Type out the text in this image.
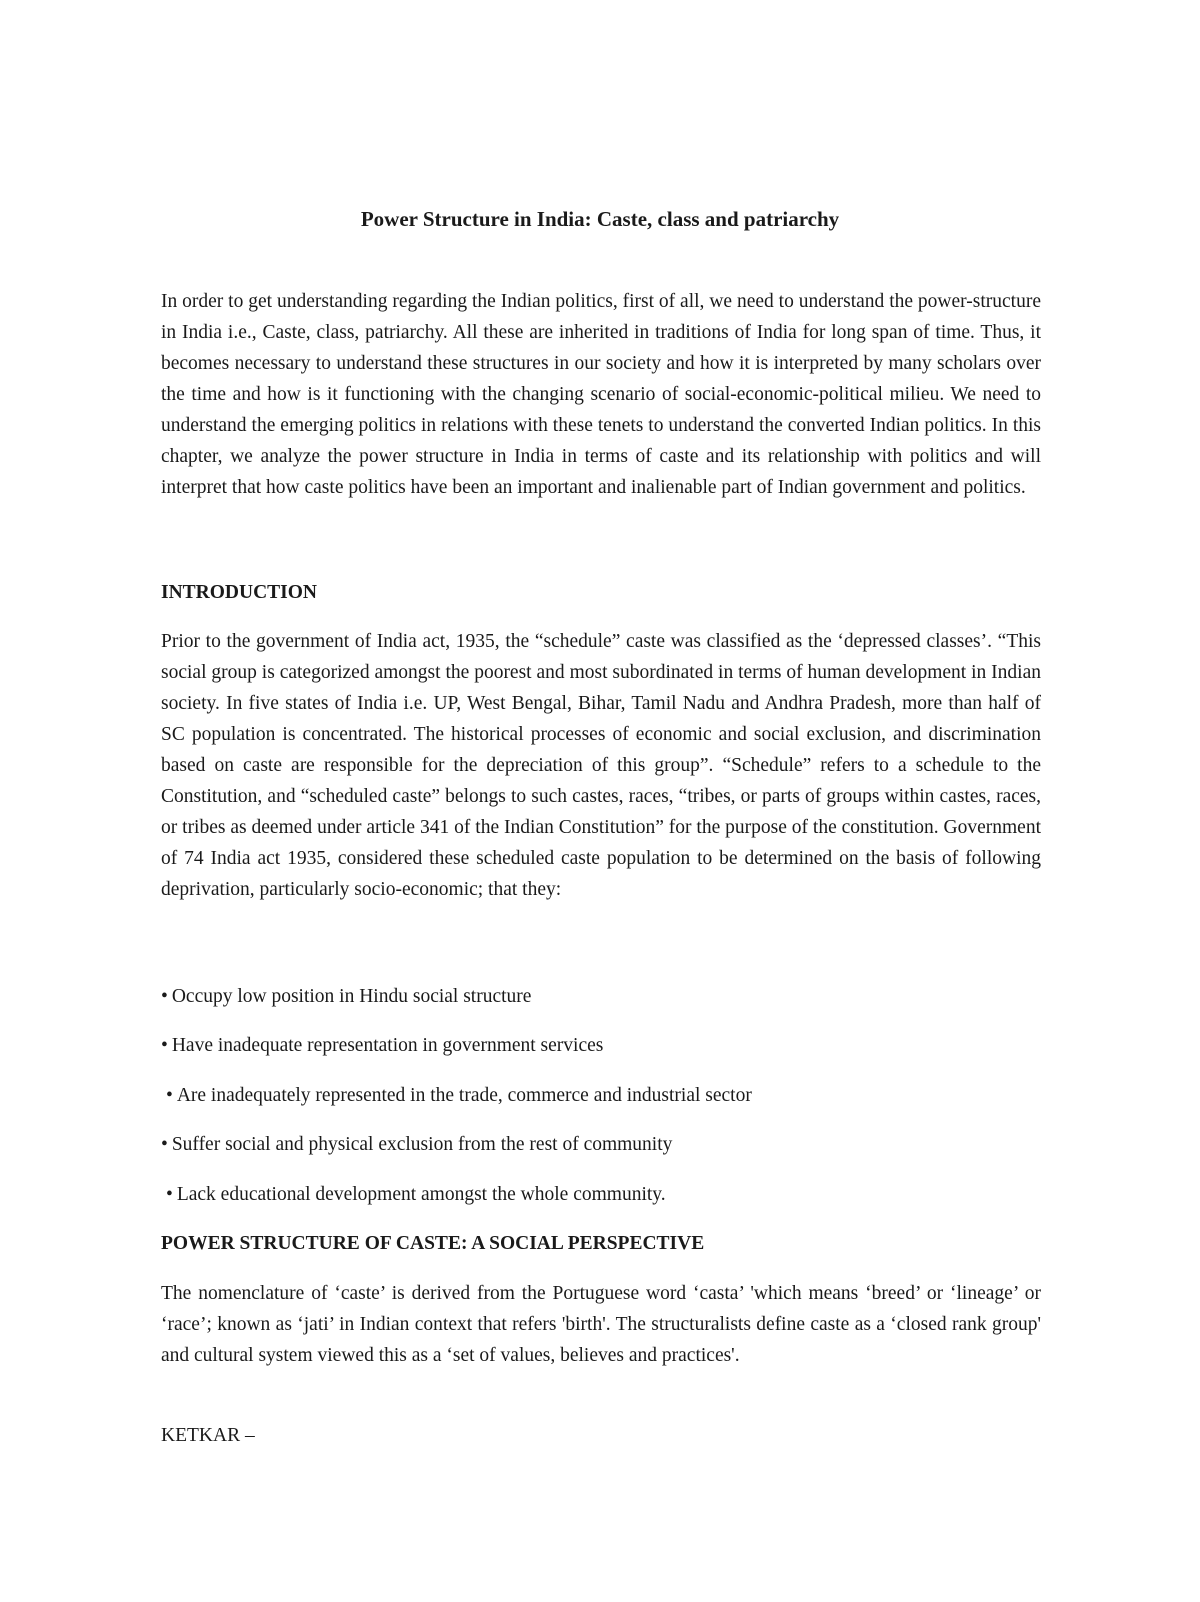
Power Structure in India: Caste, class and patriarchy

In order to get understanding regarding the Indian politics, first of all, we need to understand the power-structure in India i.e., Caste, class, patriarchy. All these are inherited in traditions of India for long span of time. Thus, it becomes necessary to understand these structures in our society and how it is interpreted by many scholars over the time and how is it functioning with the changing scenario of social-economic-political milieu. We need to understand the emerging politics in relations with these tenets to understand the converted Indian politics. In this chapter, we analyze the power structure in India in terms of caste and its relationship with politics and will interpret that how caste politics have been an important and inalienable part of Indian government and politics.

INTRODUCTION

Prior to the government of India act, 1935, the “schedule” caste was classified as the ‘depressed classes’. “This social group is categorized amongst the poorest and most subordinated in terms of human development in Indian society. In five states of India i.e. UP, West Bengal, Bihar, Tamil Nadu and Andhra Pradesh, more than half of SC population is concentrated. The historical processes of economic and social exclusion, and discrimination based on caste are responsible for the depreciation of this group”. “Schedule” refers to a schedule to the Constitution, and “scheduled caste” belongs to such castes, races, “tribes, or parts of groups within castes, races, or tribes as deemed under article 341 of the Indian Constitution” for the purpose of the constitution. Government of 74 India act 1935, considered these scheduled caste population to be determined on the basis of following deprivation, particularly socio-economic; that they:

• Occupy low position in Hindu social structure

• Have inadequate representation in government services

• Are inadequately represented in the trade, commerce and industrial sector

• Suffer social and physical exclusion from the rest of community

• Lack educational development amongst the whole community.

POWER STRUCTURE OF CASTE: A SOCIAL PERSPECTIVE

The nomenclature of ‘caste’ is derived from the Portuguese word ‘casta’ 'which means ‘breed’ or ‘lineage’ or ‘race’; known as ‘jati’ in Indian context that refers 'birth'. The structuralists define caste as a ‘closed rank group' and cultural system viewed this as a ‘set of values, believes and practices'.

KETKAR –
